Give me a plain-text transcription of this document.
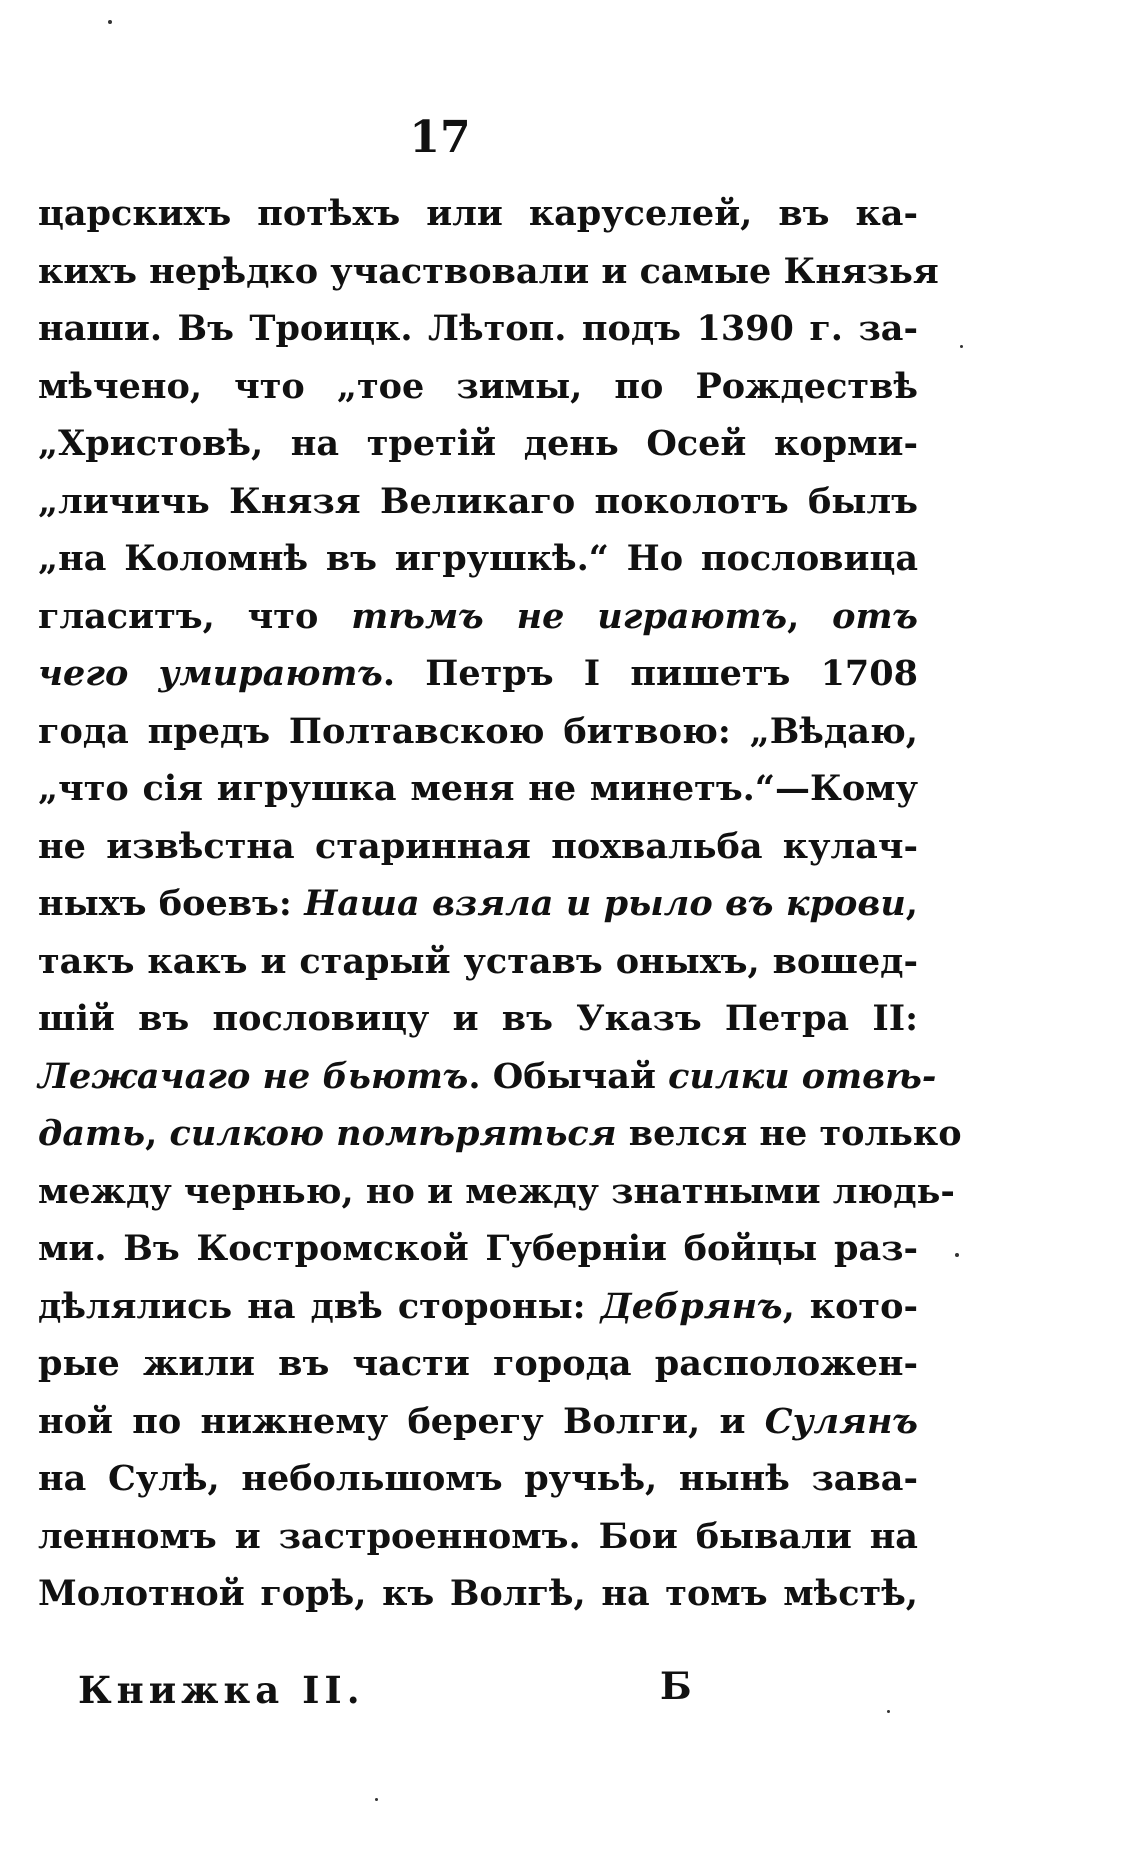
17
царскихъ потѣхъ или каруселей, въ ка-
кихъ нерѣдко участвовали и самые Князья
наши. Въ Троицк. Лѣтоп. подъ 1390 г. за-
мѣчено, что „тое зимы, по Рождествѣ
„Христовѣ, на третiй день Осей корми-
„личичь Князя Великаго поколотъ былъ
„на Коломнѣ въ игрушкѣ.“ Но пословица
гласитъ, что тѣмъ не играютъ, отъ
чего умираютъ. Петръ I пишетъ 1708
года предъ Полтавскою битвою: „Вѣдаю,
„что сiя игрушка меня не минетъ.“—Кому
не извѣстна старинная похвальба кулач-
ныхъ боевъ: Наша взяла и рыло въ крови,
такъ какъ и старый уставъ оныхъ, вошед-
шiй въ пословицу и въ Указъ Петра II:
Лежачаго не бьютъ. Обычай силки отвѣ-
дать, силкою помѣряться велся не только
между чернью, но и между знатными людь-
ми. Въ Костромской Губернiи бойцы раз-
дѣлялись на двѣ стороны: Дебрянъ, кото-
рые жили въ части города расположен-
ной по нижнему берегу Волги, и Сулянъ
на Сулѣ, небольшомъ ручьѣ, нынѣ зава-
ленномъ и застроенномъ. Бои бывали на
Молотной горѣ, къ Волгѣ, на томъ мѣстѣ,
Книжка II.	Б
